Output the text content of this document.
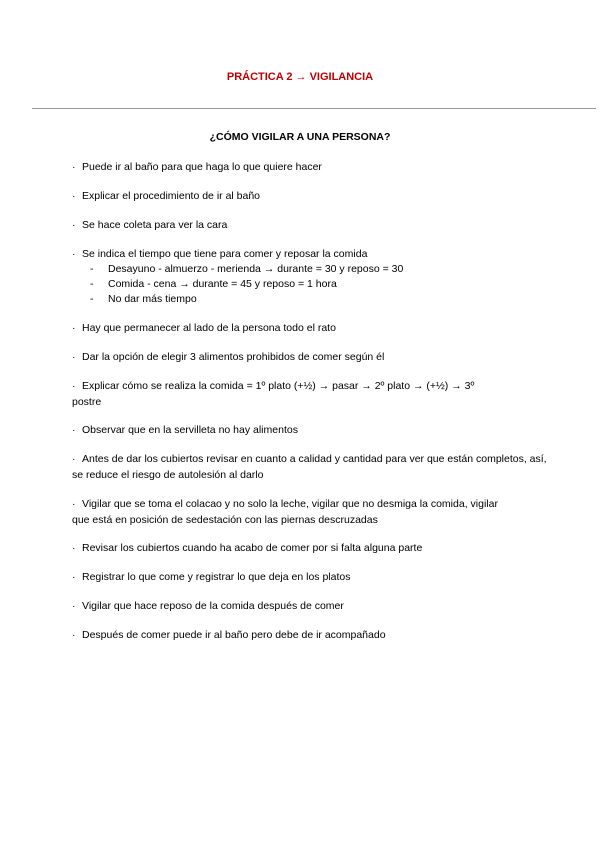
PRÁCTICA 2 → VIGILANCIA
¿CÓMO VIGILAR A UNA PERSONA?
· Puede ir al baño para que haga lo que quiere hacer
· Explicar el procedimiento de ir al baño
· Se hace coleta para ver la cara
· Se indica el tiempo que tiene para comer y reposar la comida
- Desayuno - almuerzo - merienda → durante = 30 y reposo = 30
- Comida - cena → durante = 45 y reposo = 1 hora
- No dar más tiempo
· Hay que permanecer al lado de la persona todo el rato
· Dar la opción de elegir 3 alimentos prohibidos de comer según él
· Explicar cómo se realiza la comida = 1º plato (+½) → pasar → 2º plato → (+½) → 3º
postre
· Observar que en la servilleta no hay alimentos
· Antes de dar los cubiertos revisar en cuanto a calidad y cantidad para ver que están completos, así,
se reduce el riesgo de autolesión al darlo
· Vigilar que se toma el colacao y no solo la leche, vigilar que no desmiga la comida, vigilar
que está en posición de sedestación con las piernas descruzadas
· Revisar los cubiertos cuando ha acabo de comer por si falta alguna parte
· Registrar lo que come y registrar lo que deja en los platos
· Vigilar que hace reposo de la comida después de comer
· Después de comer puede ir al baño pero debe de ir acompañado
